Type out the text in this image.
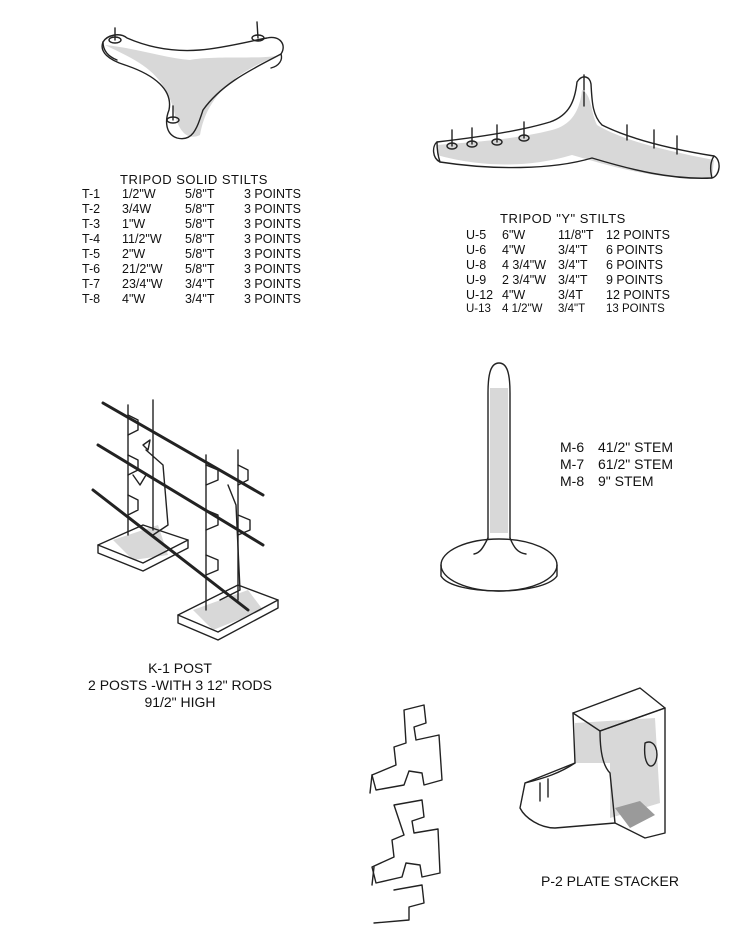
TRIPOD SOLID STILTS
T-1 1/2"W 5/8"T 3 POINTS
T-2 3/4W	5/8"T 3 POINTS
T-3 1"W	5/8"T 3 POINTS
T-4 11/2"W 5/8"T 3 POINTS
T-5 2"W	5/8"T 3 POINTS
T-6 21/2"W 5/8"T 3 POINTS
T-7 23/4"W 3/4"T 3 POINTS
T-8 4"W	3/4"T 3 POINTS
TRIPOD "Y" STILTS
U-5 6"W	11/8"T 12 POINTS
U-6 4"W	3/4"T 6 POINTS
U-8 4 3/4"W 3/4"T 6 POINTS
U-9 2 3/4"W 3/4"T 9 POINTS
U-12 4"W	3/4T 12 POINTS
U-13 4 1/2"W 3/4"T 13 POINTS
M-6 41/2" STEM
M-7 61/2" STEM
M-8 9" STEM
K-1 POST
2 POSTS -WITH 3 12" RODS
91/2" HIGH
P-2 PLATE STACKER
